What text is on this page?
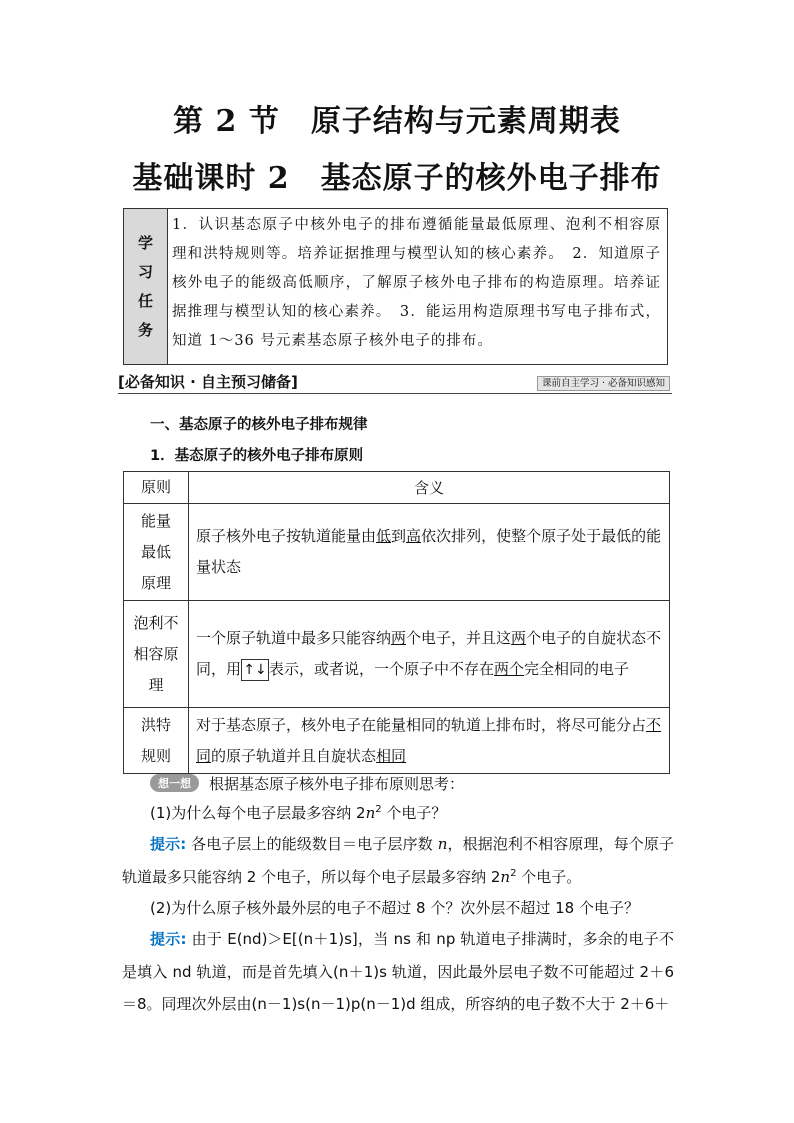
第 2 节　原子结构与元素周期表
基础课时 2　基态原子的核外电子排布
学
习
任
务
1．认识基态原子中核外电子的排布遵循能量最低原理、泡利不相容原理和洪特规则等。培养证据推理与模型认知的核心素养。　2．知道原子核外电子的能级高低顺序，了解原子核外电子排布的构造原理。培养证据推理与模型认知的核心素养。　3．能运用构造原理书写电子排布式，知道 1～36 号元素基态原子核外电子的排布。
[必备知识 · 自主预习储备]	课前自主学习 · 必备知识感知
一、基态原子的核外电子排布规律
1．基态原子的核外电子排布原则
原则	含义

能量最低原理	原子核外电子按轨道能量由低到高依次排列，使整个原子处于最低的能量状态

泡利不相容原理	一个原子轨道中最多只能容纳两个电子，并且这两个电子的自旋状态不同，用 ↑↓ 表示，或者说，一个原子中不存在两个完全相同的电子

洪特规则	对于基态原子，核外电子在能量相同的轨道上排布时，将尽可能分占不同的原子轨道并且自旋状态相同
想一想 根据基态原子核外电子排布原则思考：
(1)为什么每个电子层最多容纳 $2n^2$ 个电子？
提示: 各电子层上的能级数目＝电子层序数 n，根据泡利不相容原理，每个原子轨道最多只能容纳 2 个电子，所以每个电子层最多容纳 $2n^2$ 个电子。
(2)为什么原子核外最外层的电子不超过 8 个？次外层不超过 18 个电子？
提示: 由于 E(nd)＞E[(n＋1)s]，当 ns 和 np 轨道电子排满时，多余的电子不是填入 nd 轨道，而是首先填入(n＋1)s 轨道，因此最外层电子数不可能超过 2＋6＝8。同理次外层由(n－1)s(n－1)p(n－1)d 组成，所容纳的电子数不大于 2＋6＋
